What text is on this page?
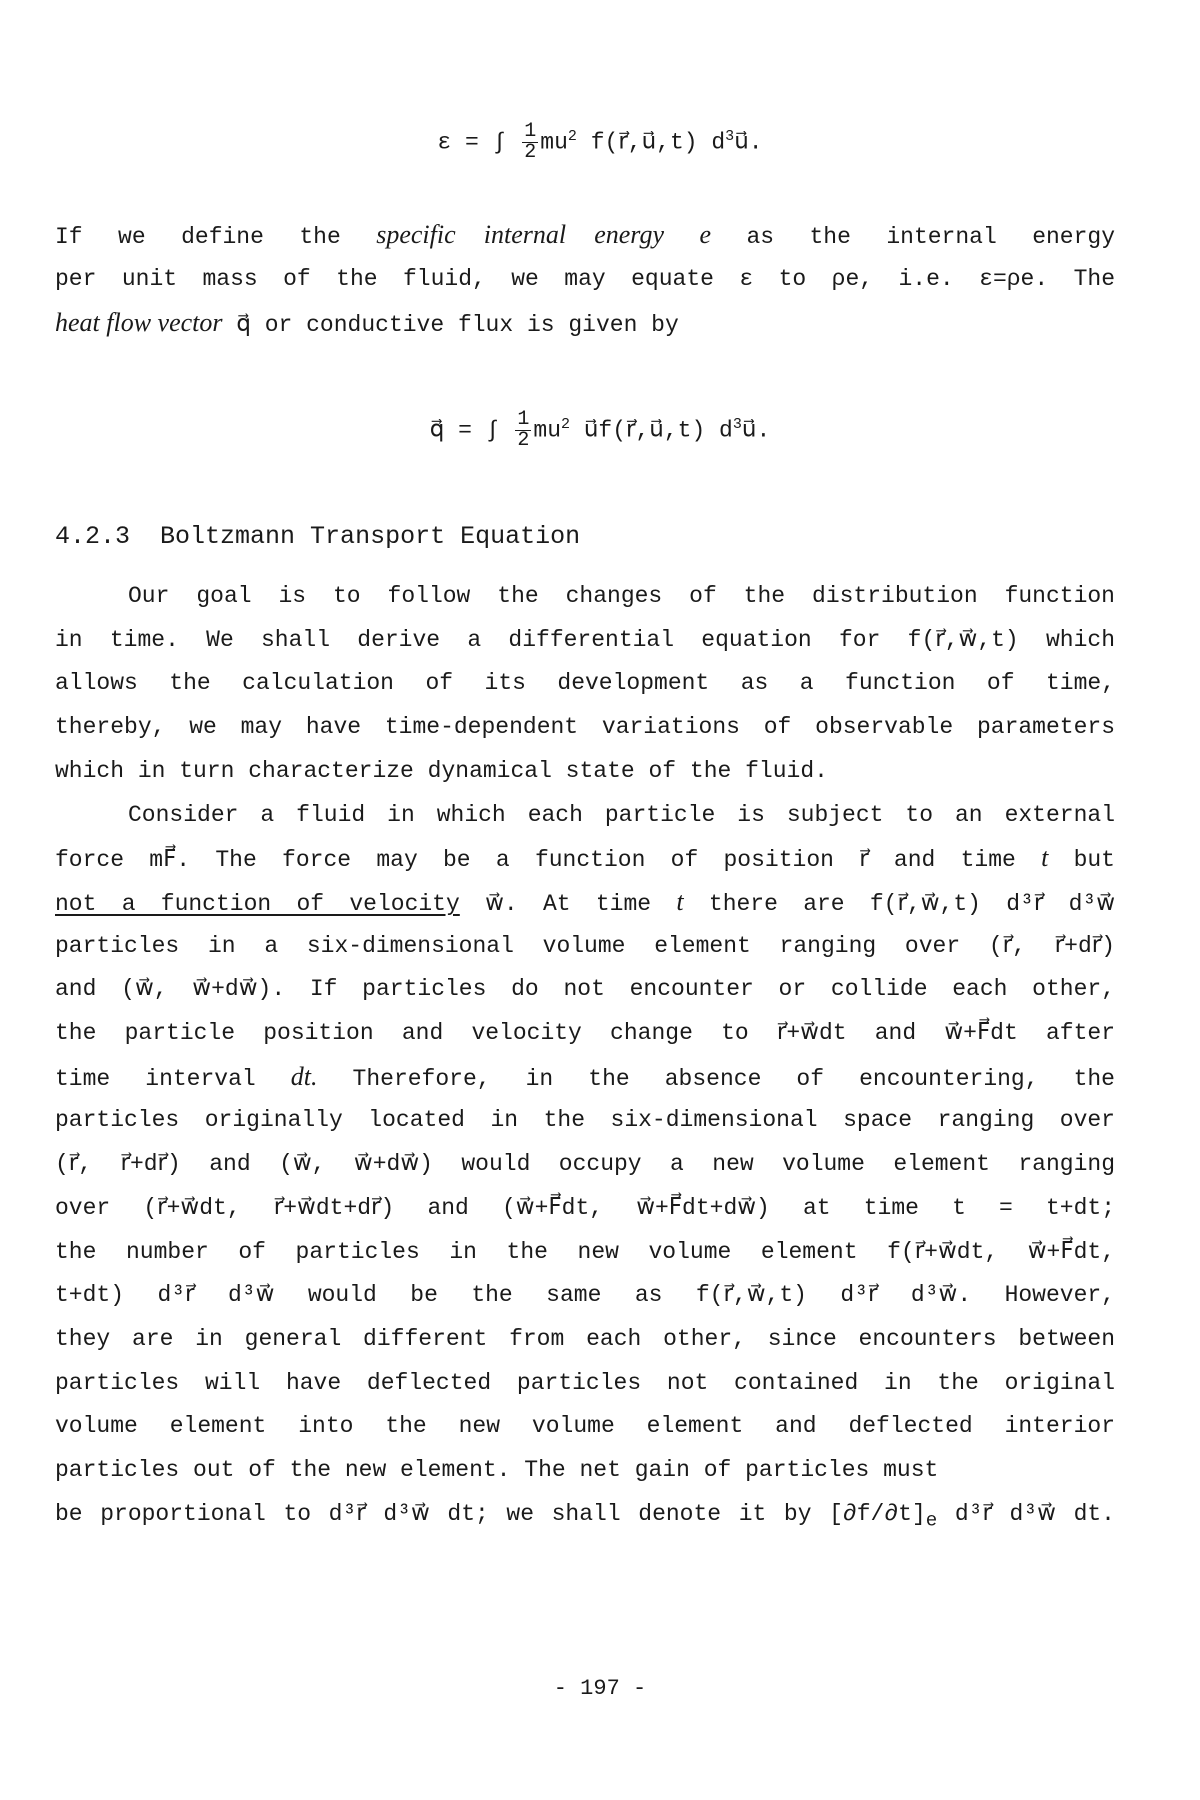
ε = ∫ $\frac{1}{2} mu^2$ f(r⃗,u⃗,t) $d^3u⃗$.
If we define the specific internal energy e as the internal energy
per unit mass of the fluid, we may equate ε to ρe, i.e. ε=ρe. The
heat flow vector q⃗ or conductive flux is given by
q⃗ = ∫ $\frac{1}{2} mu^2$ u⃗f(r⃗,u⃗,t) $d^3u⃗$.
4.2.3 Boltzmann Transport Equation
Our goal is to follow the changes of the distribution function
in time. We shall derive a differential equation for f(r⃗,w⃗,t) which
allows the calculation of its development as a function of time,
thereby, we may have time-dependent variations of observable parameters
which in turn characterize dynamical state of the fluid.
Consider a fluid in which each particle is subject to an external
force mF⃗. The force may be a function of position r⃗ and time t but
not a function of velocity w⃗. At time t there are f(r⃗,w⃗,t) d³r⃗ d³w⃗
particles in a six-dimensional volume element ranging over (r⃗, r⃗+dr⃗)
and (w⃗, w⃗+dw⃗). If particles do not encounter or collide each other,
the particle position and velocity change to r⃗+w⃗dt and w⃗+F⃗dt after
time interval dt. Therefore, in the absence of encountering, the
particles originally located in the six-dimensional space ranging over
(r⃗, r⃗+dr⃗) and (w⃗, w⃗+dw⃗) would occupy a new volume element ranging
over (r⃗+w⃗dt, r⃗+w⃗dt+dr⃗) and (w⃗+F⃗dt, w⃗+F⃗dt+dw⃗) at time t = t+dt;
the number of particles in the new volume element f(r⃗+w⃗dt, w⃗+F⃗dt,
t+dt) d³r⃗ d³w⃗ would be the same as f(r⃗,w⃗,t) d³r⃗ d³w⃗. However,
they are in general different from each other, since encounters between
particles will have deflected particles not contained in the original
volume element into the new volume element and deflected interior
particles out of the new element. The net gain of particles must
be proportional to d³r⃗ d³w⃗ dt; we shall denote it by $[\partial f/\partial t]_e$ d³r⃗ d³w⃗ dt.
- 197 -
